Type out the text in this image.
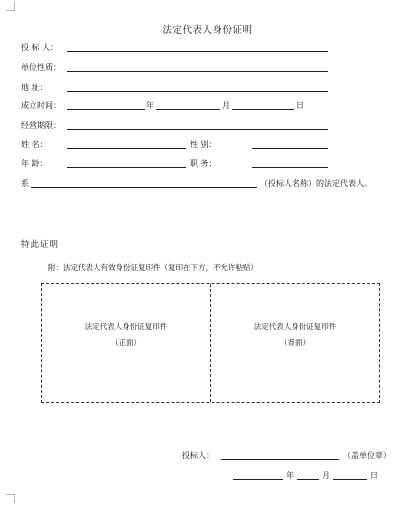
法定代表人身份证明
投 标 人：
单位性质：
地 址：
成立时间：	年	月	日
经营期限：
姓 名：	性 别：
年 龄：	职 务：
系	（投标人名称）的法定代表人。
特此证明
附：法定代表人有效身份证复印件（复印在下方，不允许粘贴）
法定代表人身份证复印件
（正面）
法定代表人身份证复印件
（背面）
投标人：	（盖单位章）
年	月	日
